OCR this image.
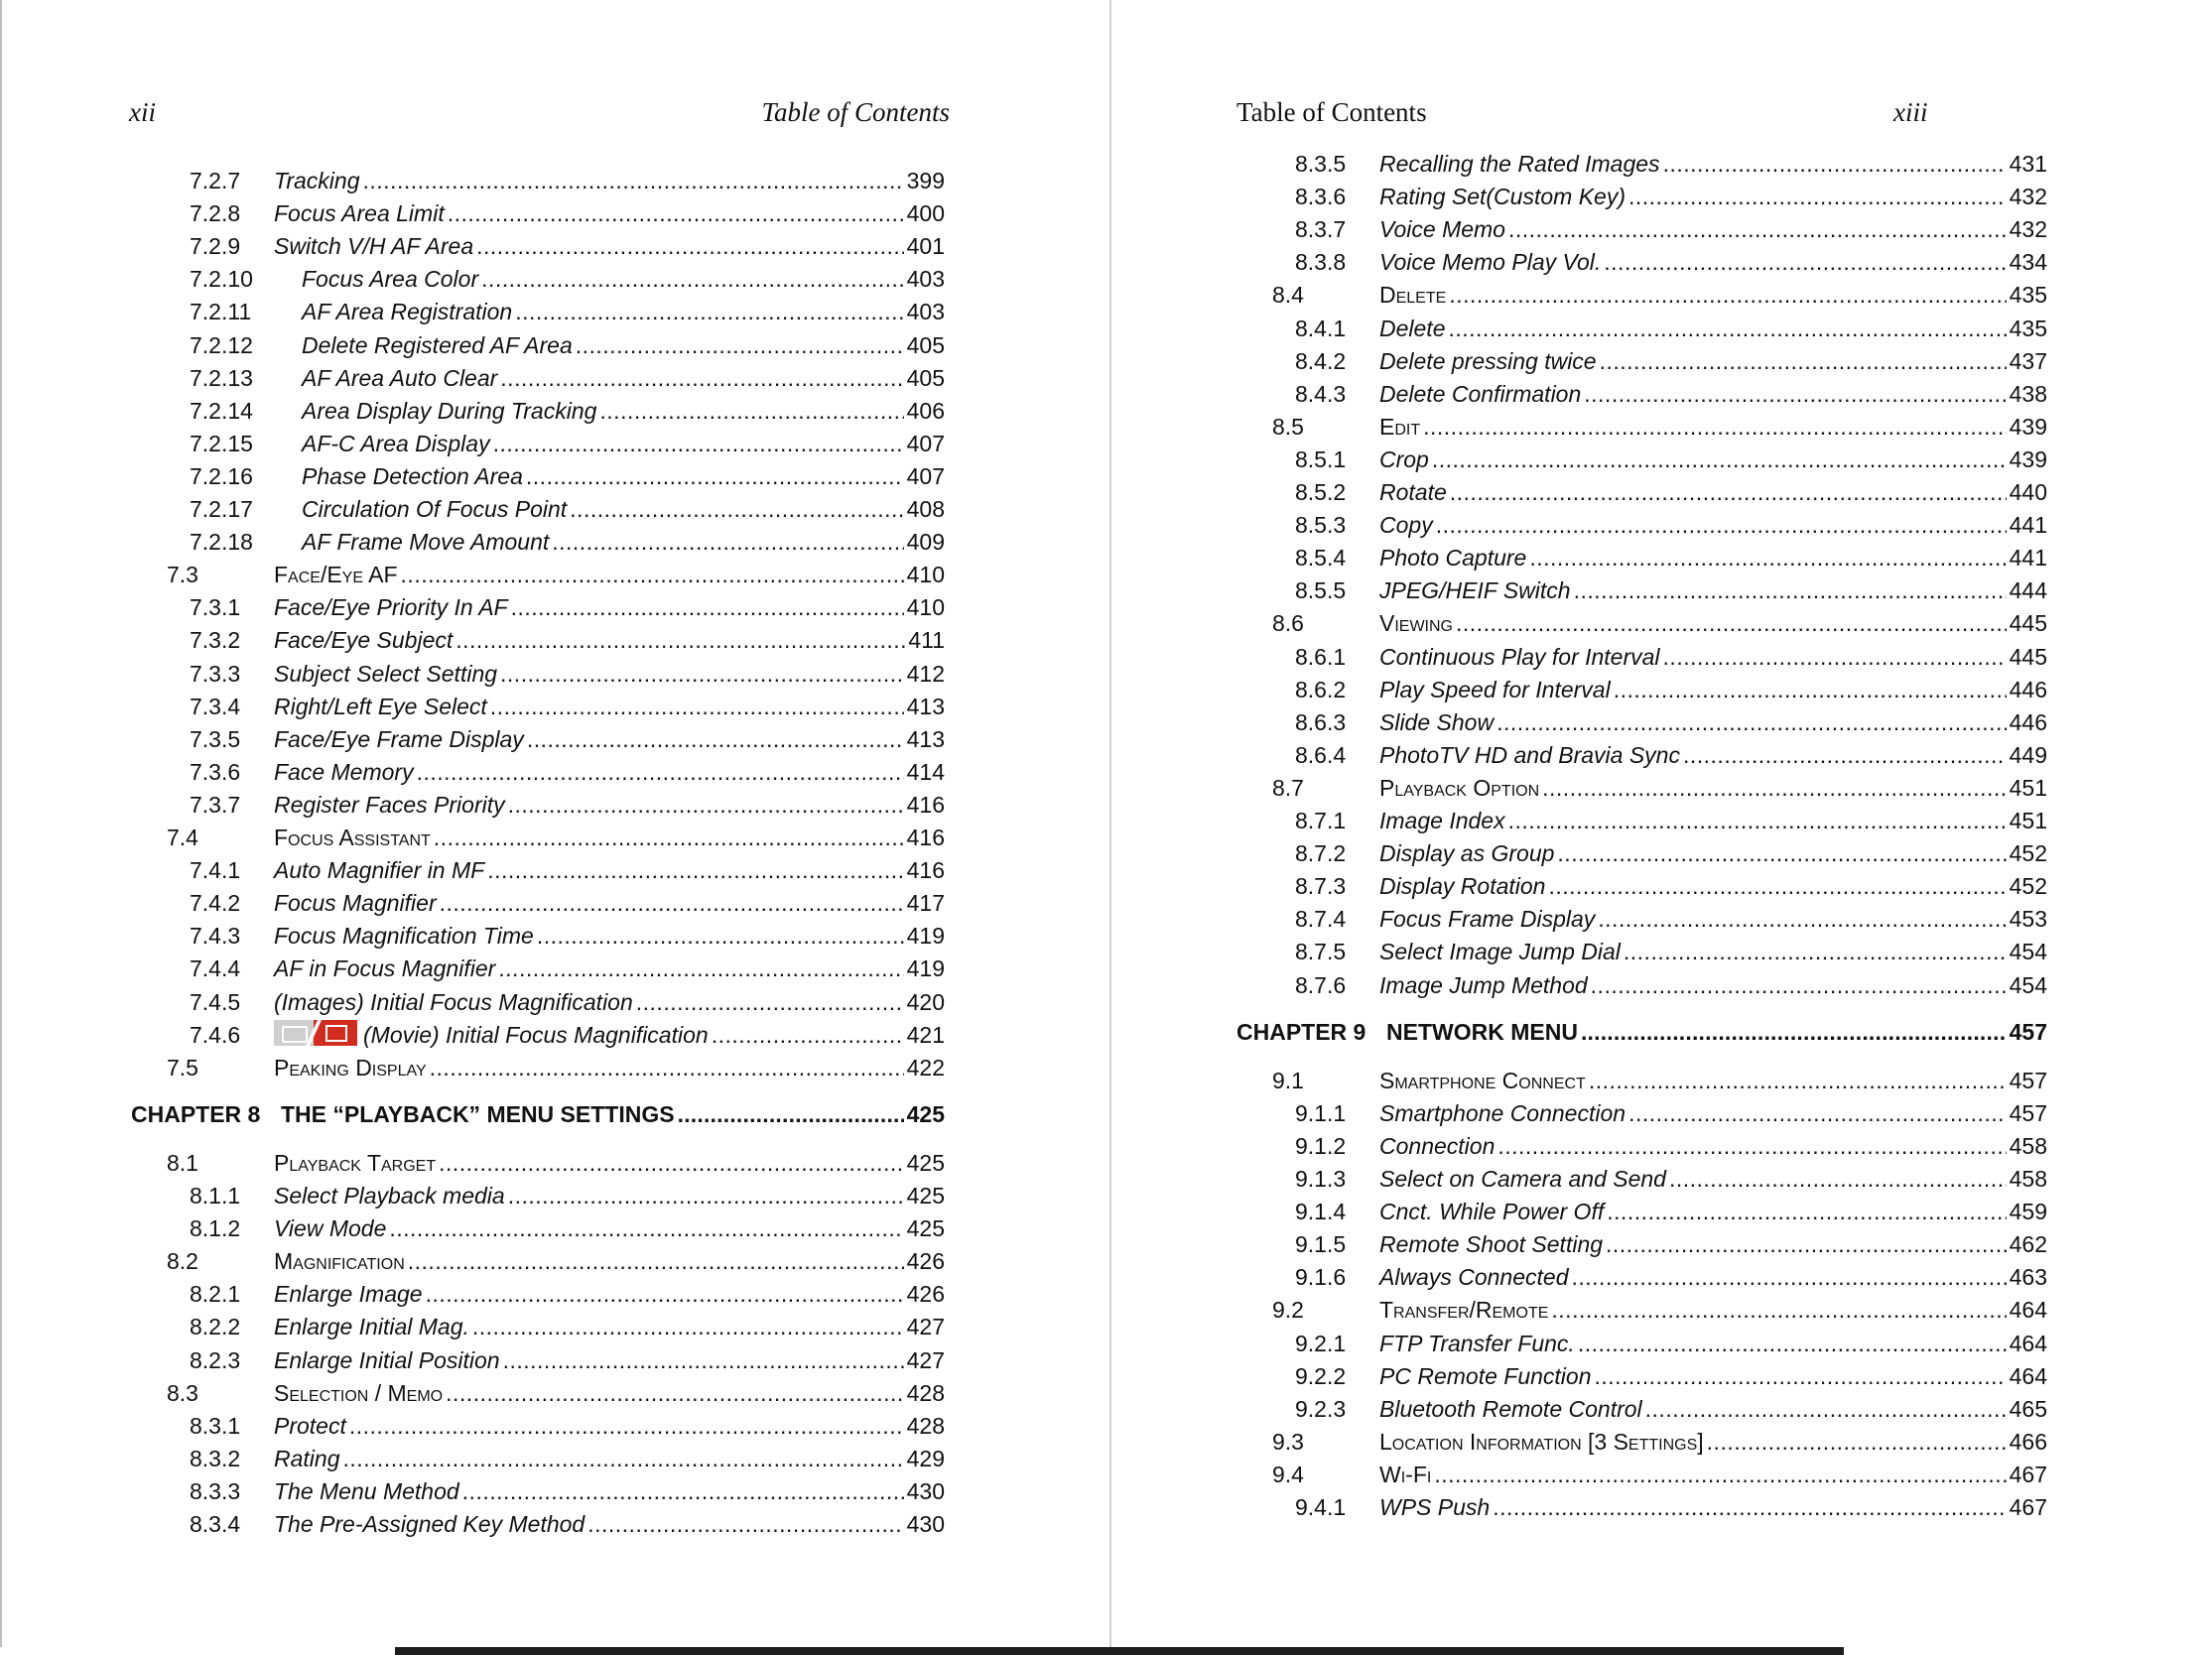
xii	Table of Contents
7.2.7 Tracking .....	399
7.2.8 Focus Area Limit .....	400
7.2.9 Switch V/H AF Area .....	401
7.2.10 Focus Area Color .....	403
7.2.11 AF Area Registration .....	403
7.2.12 Delete Registered AF Area .....	405
7.2.13 AF Area Auto Clear .....	405
7.2.14 Area Display During Tracking .....	406
7.2.15 AF-C Area Display .....	407
7.2.16 Phase Detection Area .....	407
7.2.17 Circulation Of Focus Point .....	408
7.2.18 AF Frame Move Amount .....	409
7.3	Face/Eye AF .....	410
7.3.1 Face/Eye Priority In AF .....	410
7.3.2 Face/Eye Subject .....	411
7.3.3 Subject Select Setting .....	412
7.3.4 Right/Left Eye Select .....	413
7.3.5 Face/Eye Frame Display .....	413
7.3.6 Face Memory .....	414
7.3.7 Register Faces Priority .....	416
7.4	Focus Assistant .....	416
7.4.1 Auto Magnifier in MF .....	416
7.4.2 Focus Magnifier .....	417
7.4.3 Focus Magnification Time .....	419
7.4.4 AF in Focus Magnifier .....	419
7.4.5 (Images) Initial Focus Magnification .....	420
7.4.6	(Movie) Initial Focus Magnification .....	421
7.5	Peaking Display .....	422
CHAPTER 8 THE “PLAYBACK” MENU SETTINGS .....	425
8.1	Playback Target .....	425
8.1.1 Select Playback media .....	425
8.1.2 View Mode .....	425
8.2	Magnification .....	426
8.2.1 Enlarge Image .....	426
8.2.2 Enlarge Initial Mag. .....	427
8.2.3 Enlarge Initial Position .....	427
8.3	Selection / Memo .....	428
8.3.1 Protect .....	428
8.3.2 Rating .....	429
8.3.3 The Menu Method .....	430
8.3.4 The Pre-Assigned Key Method .....	430
Table of Contents	xiii
8.3.5 Recalling the Rated Images .....	431
8.3.6 Rating Set(Custom Key) .....	432
8.3.7 Voice Memo .....	432
8.3.8 Voice Memo Play Vol. .....	434
8.4	Delete .....	435
8.4.1 Delete .....	435
8.4.2 Delete pressing twice .....	437
8.4.3 Delete Confirmation .....	438
8.5	Edit .....	439
8.5.1 Crop .....	439
8.5.2 Rotate .....	440
8.5.3 Copy .....	441
8.5.4 Photo Capture .....	441
8.5.5 JPEG/HEIF Switch .....	444
8.6	Viewing .....	445
8.6.1 Continuous Play for Interval .....	445
8.6.2 Play Speed for Interval .....	446
8.6.3 Slide Show .....	446
8.6.4 PhotoTV HD and Bravia Sync .....	449
8.7	Playback Option .....	451
8.7.1 Image Index .....	451
8.7.2 Display as Group .....	452
8.7.3 Display Rotation .....	452
8.7.4 Focus Frame Display .....	453
8.7.5 Select Image Jump Dial .....	454
8.7.6 Image Jump Method .....	454
CHAPTER 9 NETWORK MENU .....	457
9.1	Smartphone Connect .....	457
9.1.1 Smartphone Connection .....	457
9.1.2 Connection .....	458
9.1.3 Select on Camera and Send .....	458
9.1.4 Cnct. While Power Off .....	459
9.1.5 Remote Shoot Setting .....	462
9.1.6 Always Connected .....	463
9.2	Transfer/Remote .....	464
9.2.1 FTP Transfer Func. .....	464
9.2.2 PC Remote Function .....	464
9.2.3 Bluetooth Remote Control .....	465
9.3	Location Information [3 Settings] .....	466
9.4	Wi-Fi .....	467
9.4.1 WPS Push .....	467
